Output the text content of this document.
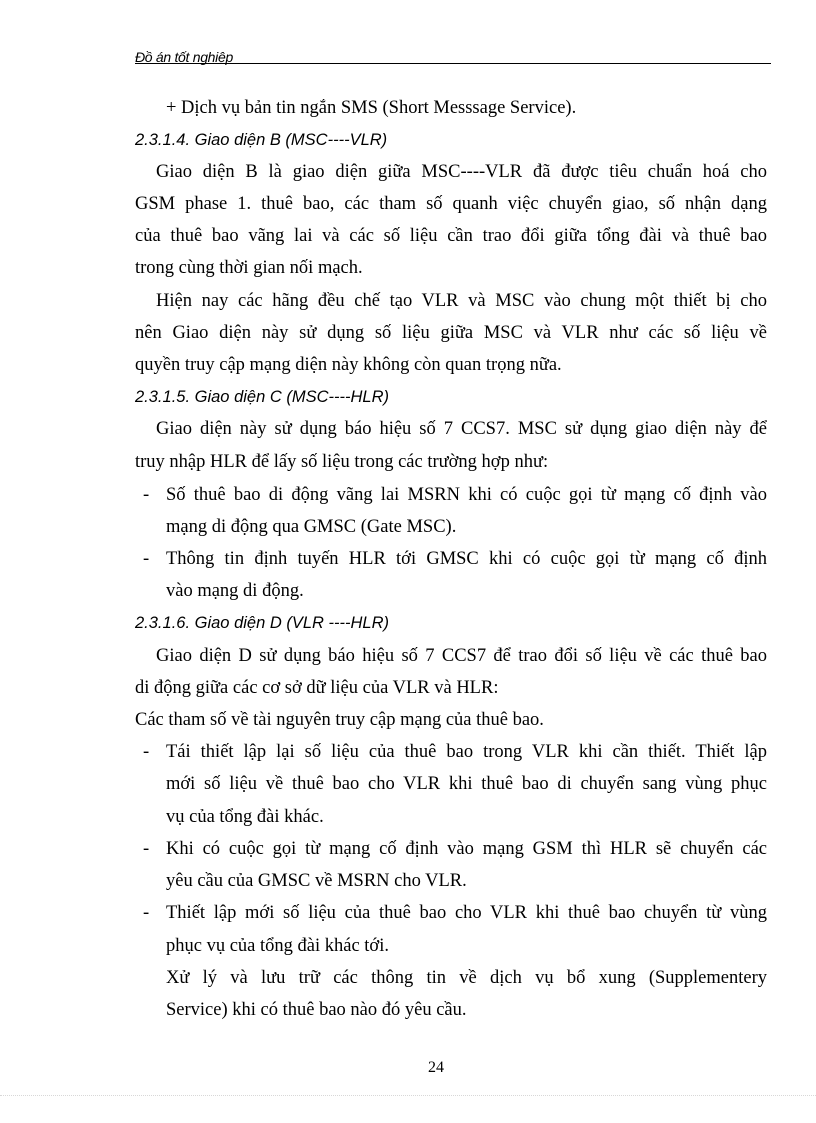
Đồ án tốt nghiệp
+ Dịch vụ bản tin ngắn SMS (Short Messsage Service).
2.3.1.4. Giao diện B (MSC----VLR)
Giao diện B là giao diện giữa MSC----VLR đã được tiêu chuẩn hoá cho
GSM phase 1. thuê bao, các tham số quanh việc chuyển giao, số nhận dạng
của thuê bao vãng lai và các số liệu cần trao đổi giữa tổng đài và thuê bao
trong cùng thời gian nối mạch.
Hiện nay các hãng đều chế tạo VLR và MSC vào chung một thiết bị cho
nên Giao diện này sử dụng số liệu giữa MSC và VLR như các số liệu về
quyền truy cập mạng diện này không còn quan trọng nữa.
2.3.1.5. Giao diện C (MSC----HLR)
Giao diện này sử dụng báo hiệu số 7 CCS7. MSC sử dụng giao diện này để
truy nhập HLR để lấy số liệu trong các trường hợp như:
- Số thuê bao di động vãng lai MSRN khi có cuộc gọi từ mạng cố định vào
mạng di động qua GMSC (Gate MSC).
- Thông tin định tuyến HLR tới GMSC khi có cuộc gọi từ mạng cố định
vào mạng di động.
2.3.1.6. Giao diện D (VLR ----HLR)
Giao diện D sử dụng báo hiệu số 7 CCS7 để trao đổi số liệu về các thuê bao
di động giữa các cơ sở dữ liệu của VLR và HLR:
Các tham số về tài nguyên truy cập mạng của thuê bao.
- Tái thiết lập lại số liệu của thuê bao trong VLR khi cần thiết. Thiết lập
mới số liệu về thuê bao cho VLR khi thuê bao di chuyển sang vùng phục
vụ của tổng đài khác.
- Khi có cuộc gọi từ mạng cố định vào mạng GSM thì HLR sẽ chuyển các
yêu cầu của GMSC về MSRN cho VLR.
- Thiết lập mới số liệu của thuê bao cho VLR khi thuê bao chuyển từ vùng
phục vụ của tổng đài khác tới.
Xử lý và lưu trữ các thông tin về dịch vụ bổ xung (Supplementery
Service) khi có thuê bao nào đó yêu cầu.
24
